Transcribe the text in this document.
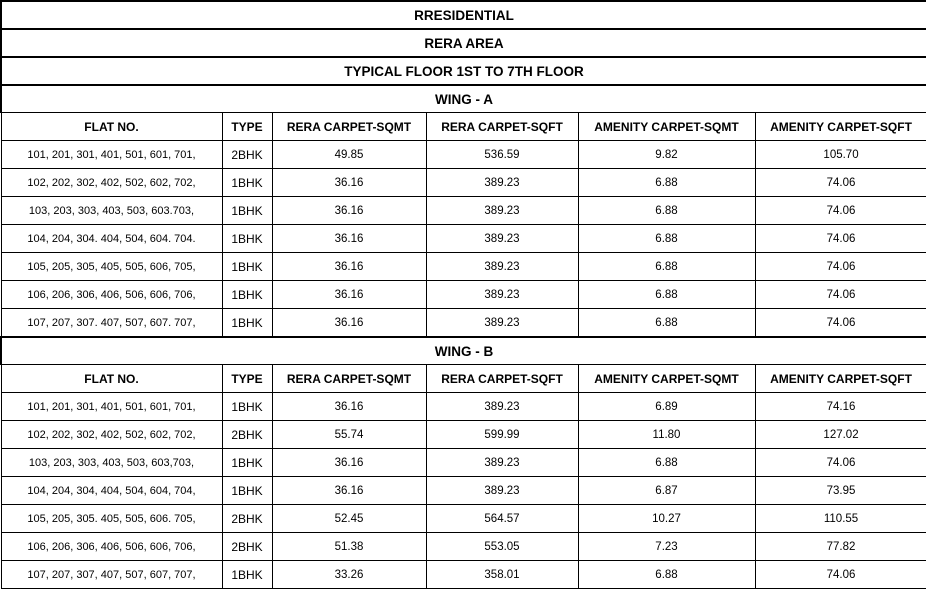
RRESIDENTIAL					
RERA AREA					
TYPICAL FLOOR 1ST TO 7TH FLOOR					
WING - A					
FLAT NO.	TYPE	RERA CARPET-SQMT	RERA CARPET-SQFT	AMENITY CARPET-SQMT	AMENITY CARPET-SQFT
101, 201, 301, 401, 501, 601, 701,	2BHK	49.85	536.59	9.82	105.70
102, 202, 302, 402, 502, 602, 702,	1BHK	36.16	389.23	6.88	74.06
103, 203, 303, 403, 503, 603.703,	1BHK	36.16	389.23	6.88	74.06
104, 204, 304. 404, 504, 604. 704.	1BHK	36.16	389.23	6.88	74.06
105, 205, 305, 405, 505, 606, 705,	1BHK	36.16	389.23	6.88	74.06
106, 206, 306, 406, 506, 606, 706,	1BHK	36.16	389.23	6.88	74.06
107, 207, 307. 407, 507, 607. 707,	1BHK	36.16	389.23	6.88	74.06
WING - B					
FLAT NO.	TYPE	RERA CARPET-SQMT	RERA CARPET-SQFT	AMENITY CARPET-SQMT	AMENITY CARPET-SQFT
101, 201, 301, 401, 501, 601, 701,	1BHK	36.16	389.23	6.89	74.16
102, 202, 302, 402, 502, 602, 702,	2BHK	55.74	599.99	11.80	127.02
103, 203, 303, 403, 503, 603,703,	1BHK	36.16	389.23	6.88	74.06
104, 204, 304, 404, 504, 604, 704,	1BHK	36.16	389.23	6.87	73.95
105, 205, 305. 405, 505, 606. 705,	2BHK	52.45	564.57	10.27	110.55
106, 206, 306, 406, 506, 606, 706,	2BHK	51.38	553.05	7.23	77.82
107, 207, 307, 407, 507, 607, 707,	1BHK	33.26	358.01	6.88	74.06
